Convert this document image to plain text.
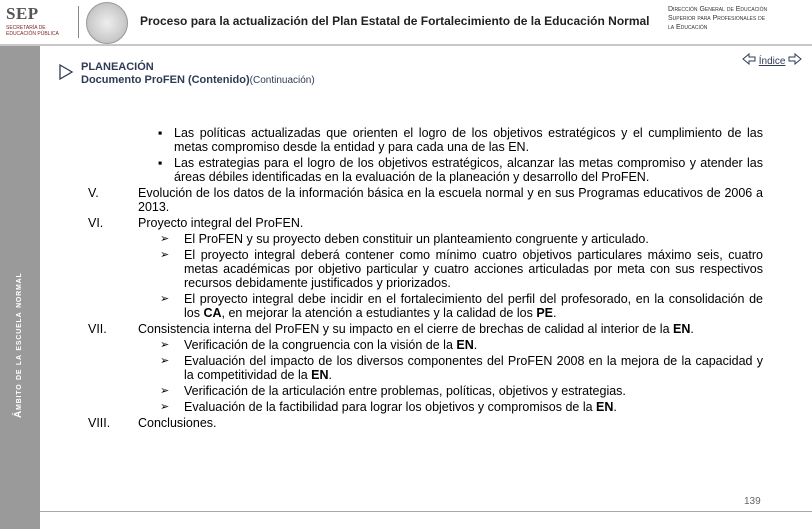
SEP
SECRETARÍA DE EDUCACIÓN PÚBLICA
Proceso para la actualización del Plan Estatal de Fortalecimiento de la Educación Normal
Dirección General de Educación
Superior para Profesionales de
la Educación
Ámbito de la escuela normal
PLANEACIÓN
Documento ProFEN (Contenido)(Continuación)
Índice
▪ Las políticas actualizadas que orienten el logro de los objetivos estratégicos y el cumplimiento de las metas compromiso desde la entidad y para cada una de las EN.
▪ Las estrategias para el logro de los objetivos estratégicos, alcanzar las metas compromiso y atender las áreas débiles identificadas en la evaluación de la planeación y desarrollo del ProFEN.
V.	Evolución de los datos de la información básica en la escuela normal y en sus Programas educativos de 2006 a 2013.
VI.	Proyecto integral del ProFEN.
➢ El ProFEN y su proyecto deben constituir un planteamiento congruente y articulado.
➢ El proyecto integral deberá contener como mínimo cuatro objetivos particulares máximo seis, cuatro metas académicas por objetivo particular y cuatro acciones articuladas por meta con sus respectivos recursos debidamente justificados y priorizados.
➢ El proyecto integral debe incidir en el fortalecimiento del perfil del profesorado, en la consolidación de los CA, en mejorar la atención a estudiantes y la calidad de los PE.
VII. Consistencia interna del ProFEN y su impacto en el cierre de brechas de calidad al interior de la EN.
➢ Verificación de la congruencia con la visión de la EN.
➢ Evaluación del impacto de los diversos componentes del ProFEN 2008 en la mejora de la capacidad y la competitividad de la EN.
➢ Verificación de la articulación entre problemas, políticas, objetivos y estrategias.
➢ Evaluación de la factibilidad para lograr los objetivos y compromisos de la EN.
VIII. Conclusiones.
139
